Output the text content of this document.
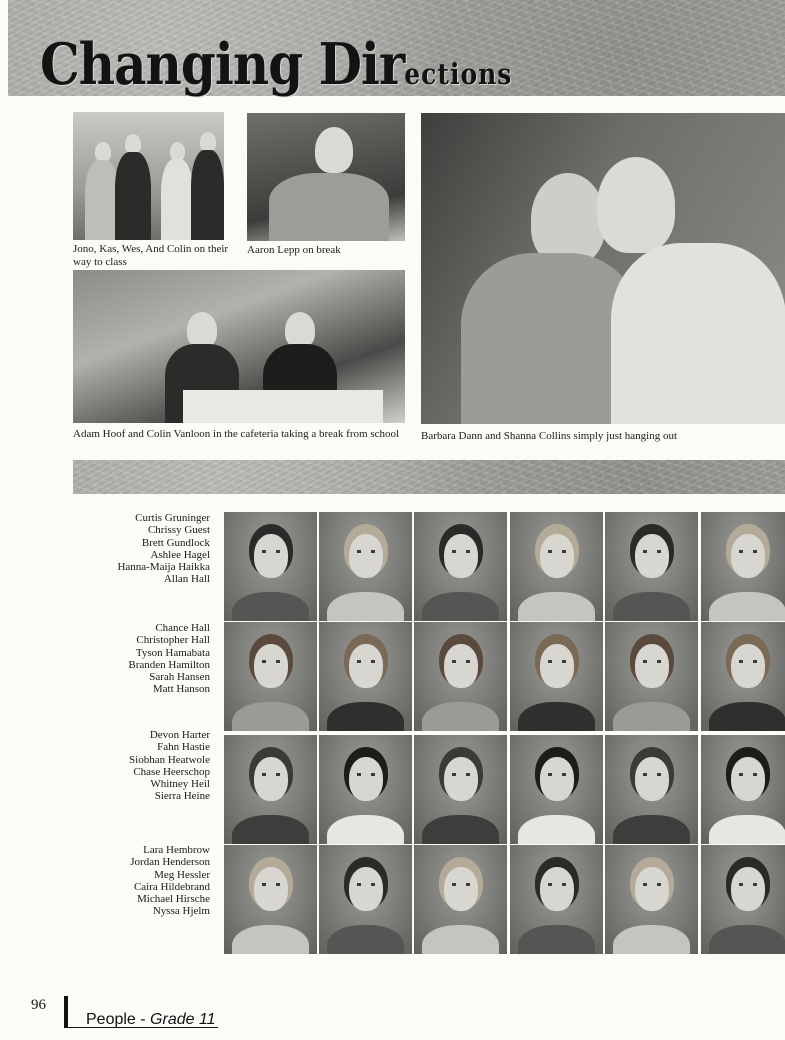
Changing Directions

Jono, Kas, Wes, And Colin on their way to class

Aaron Lepp on break

Barbara Dann and Shanna Collins simply just hanging out

Adam Hoof and Colin Vanloon in the cafeteria taking a break from school

Curtis Gruninger
Chrissy Guest
Brett Gundlock
Ashlee Hagel
Hanna-Maija Haikka
Allan Hall
Chance Hall
Christopher Hall
Tyson Hamabata
Branden Hamilton
Sarah Hansen
Matt Hanson
Devon Harter
Fahn Hastie
Siobhan Heatwole
Chase Heerschop
Whitney Heil
Sierra Heine
Lara Hembrow
Jordan Henderson
Meg Hessler
Caira Hildebrand
Michael Hirsche
Nyssa Hjelm

96

People - Grade 11
